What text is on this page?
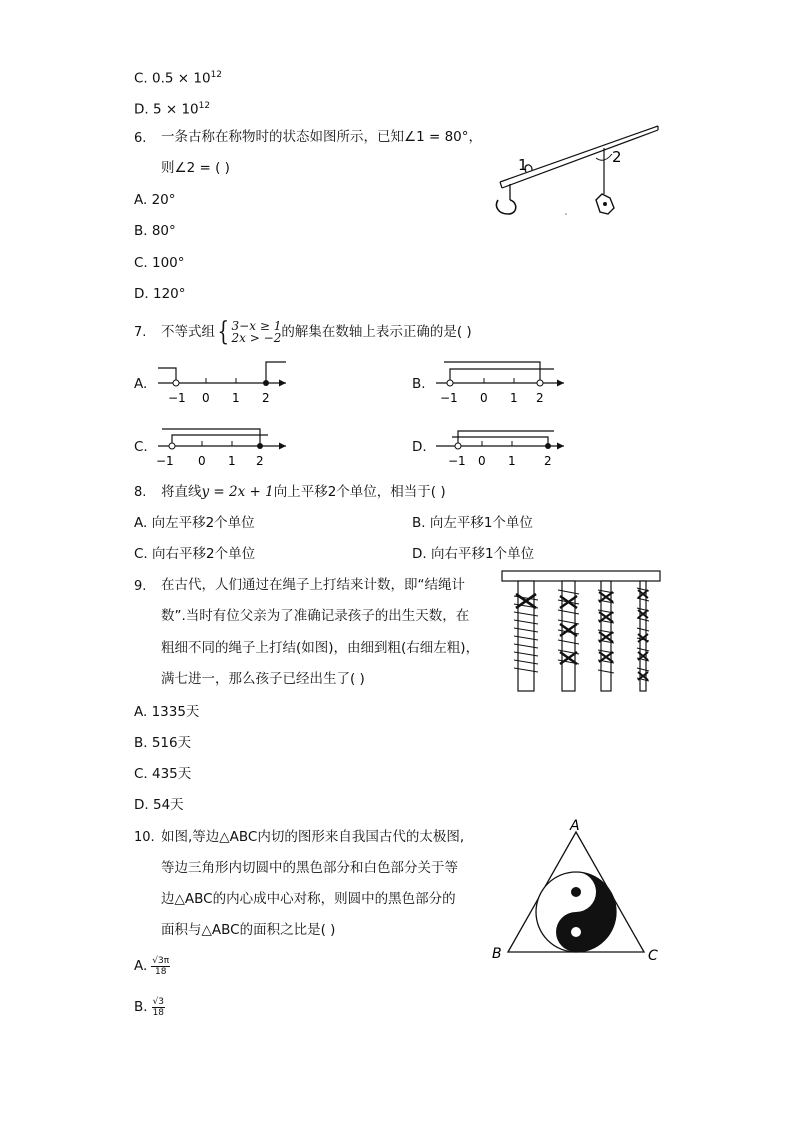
C. $0.5 \times 10^{12}$
D. $5 \times 10^{12}$
6. 一条古称在称物时的状态如图所示，已知∠1 = 80°，
则∠2 = ( )	1	2
A. 20°
B. 80°
C. 100°
D. 120°
7. 不等式组 { 3−x ≥ 1
2x > −2 的解集在数轴上表示正确的是( )
A.
−1 0 1 2
B.
−1 0 1 2
C.
−1 0 1 2
D.
−1 0 1 2
8. 将直线y = 2x + 1向上平移2个单位，相当于( )
A. 向左平移2个单位	B. 向左平移1个单位
C. 向右平移2个单位	D. 向右平移1个单位
9. 在古代，人们通过在绳子上打结来计数，即“结绳计
数”.当时有位父亲为了准确记录孩子的出生天数，在
粗细不同的绳子上打结(如图)，由细到粗(右细左粗)，
满七进一，那么孩子已经出生了( )
A. 1335天
B. 516天
C. 435天
D. 54天
10. 如图,等边△ABC内切的图形来自我国古代的太极图,
等边三角形内切圆中的黑色部分和白色部分关于等
边△ABC的内心成中心对称，则圆中的黑色部分的
面积与△ABC的面积之比是( )
A
B	C
A. $\frac{√3\pi}{18}$
B. $\frac{√3}{18}$
